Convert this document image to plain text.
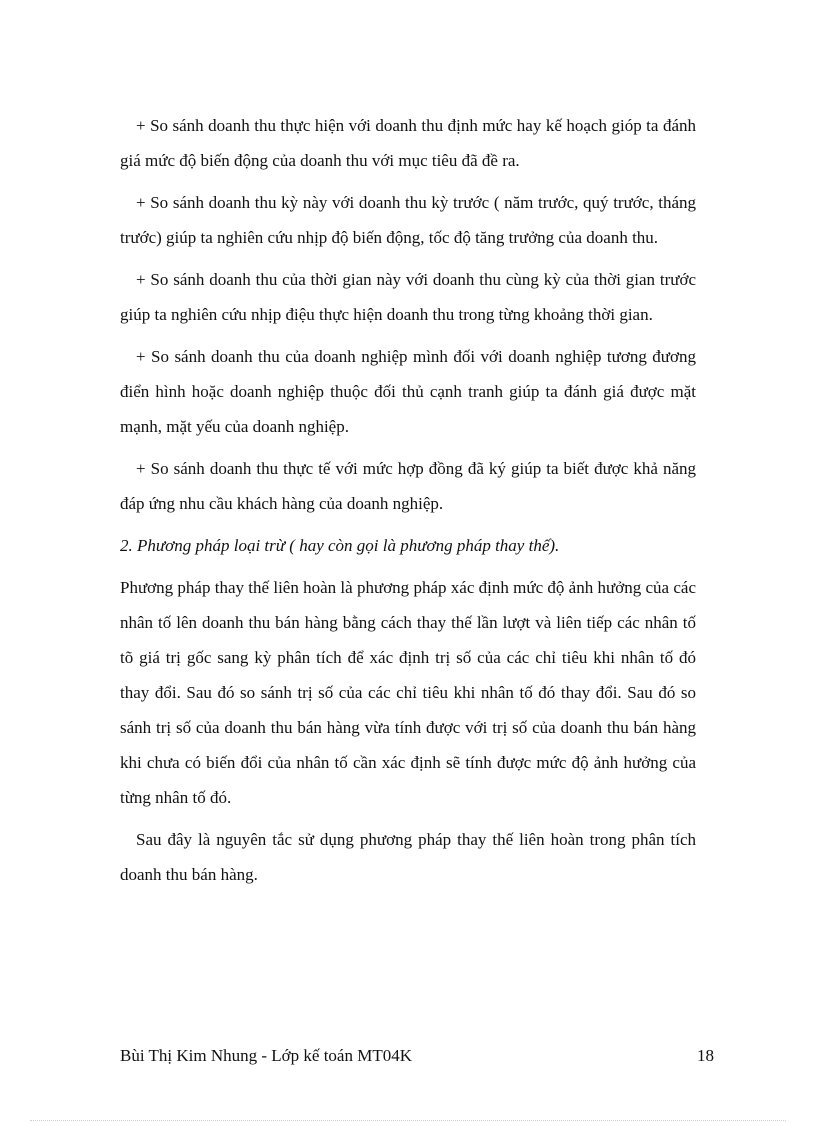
+ So sánh doanh thu thực hiện với doanh thu định mức hay kế hoạch gióp ta đánh giá mức độ biến động của doanh thu với mục tiêu đã đề ra.

+ So sánh doanh thu kỳ này với doanh thu kỳ trước ( năm trước, quý trước, tháng trước) giúp ta nghiên cứu nhịp độ biến động, tốc độ tăng trưởng của doanh thu.

+ So sánh doanh thu của thời gian này với doanh thu cùng kỳ của thời gian trước giúp ta nghiên cứu nhịp điệu thực hiện doanh thu trong từng khoảng thời gian.

+ So sánh doanh thu của doanh nghiệp mình đối với doanh nghiệp tương đương điển hình hoặc doanh nghiệp thuộc đối thủ cạnh tranh giúp ta đánh giá được mặt mạnh, mặt yếu của doanh nghiệp.

+ So sánh doanh thu thực tế với mức hợp đồng đã ký giúp ta biết được khả năng đáp ứng nhu cầu khách hàng của doanh nghiệp.

2. Phương pháp loại trừ ( hay còn gọi là phương pháp thay thế).

Phương pháp thay thế liên hoàn là phương pháp xác định mức độ ảnh hưởng của các nhân tố lên doanh thu bán hàng bằng cách thay thế lần lượt và liên tiếp các nhân tố tõ giá trị gốc sang kỳ phân tích để xác định trị số của các chỉ tiêu khi nhân tố đó thay đổi. Sau đó so sánh trị số của các chỉ tiêu khi nhân tố đó thay đổi. Sau đó so sánh trị số của doanh thu bán hàng vừa tính được với trị số của doanh thu bán hàng khi chưa có biến đổi của nhân tố cần xác định sẽ tính được mức độ ảnh hưởng của từng nhân tố đó.

Sau đây là nguyên tắc sử dụng phương pháp thay thế liên hoàn trong phân tích doanh thu bán hàng.

Bùi Thị Kim Nhung - Lớp kế toán MT04K	18
